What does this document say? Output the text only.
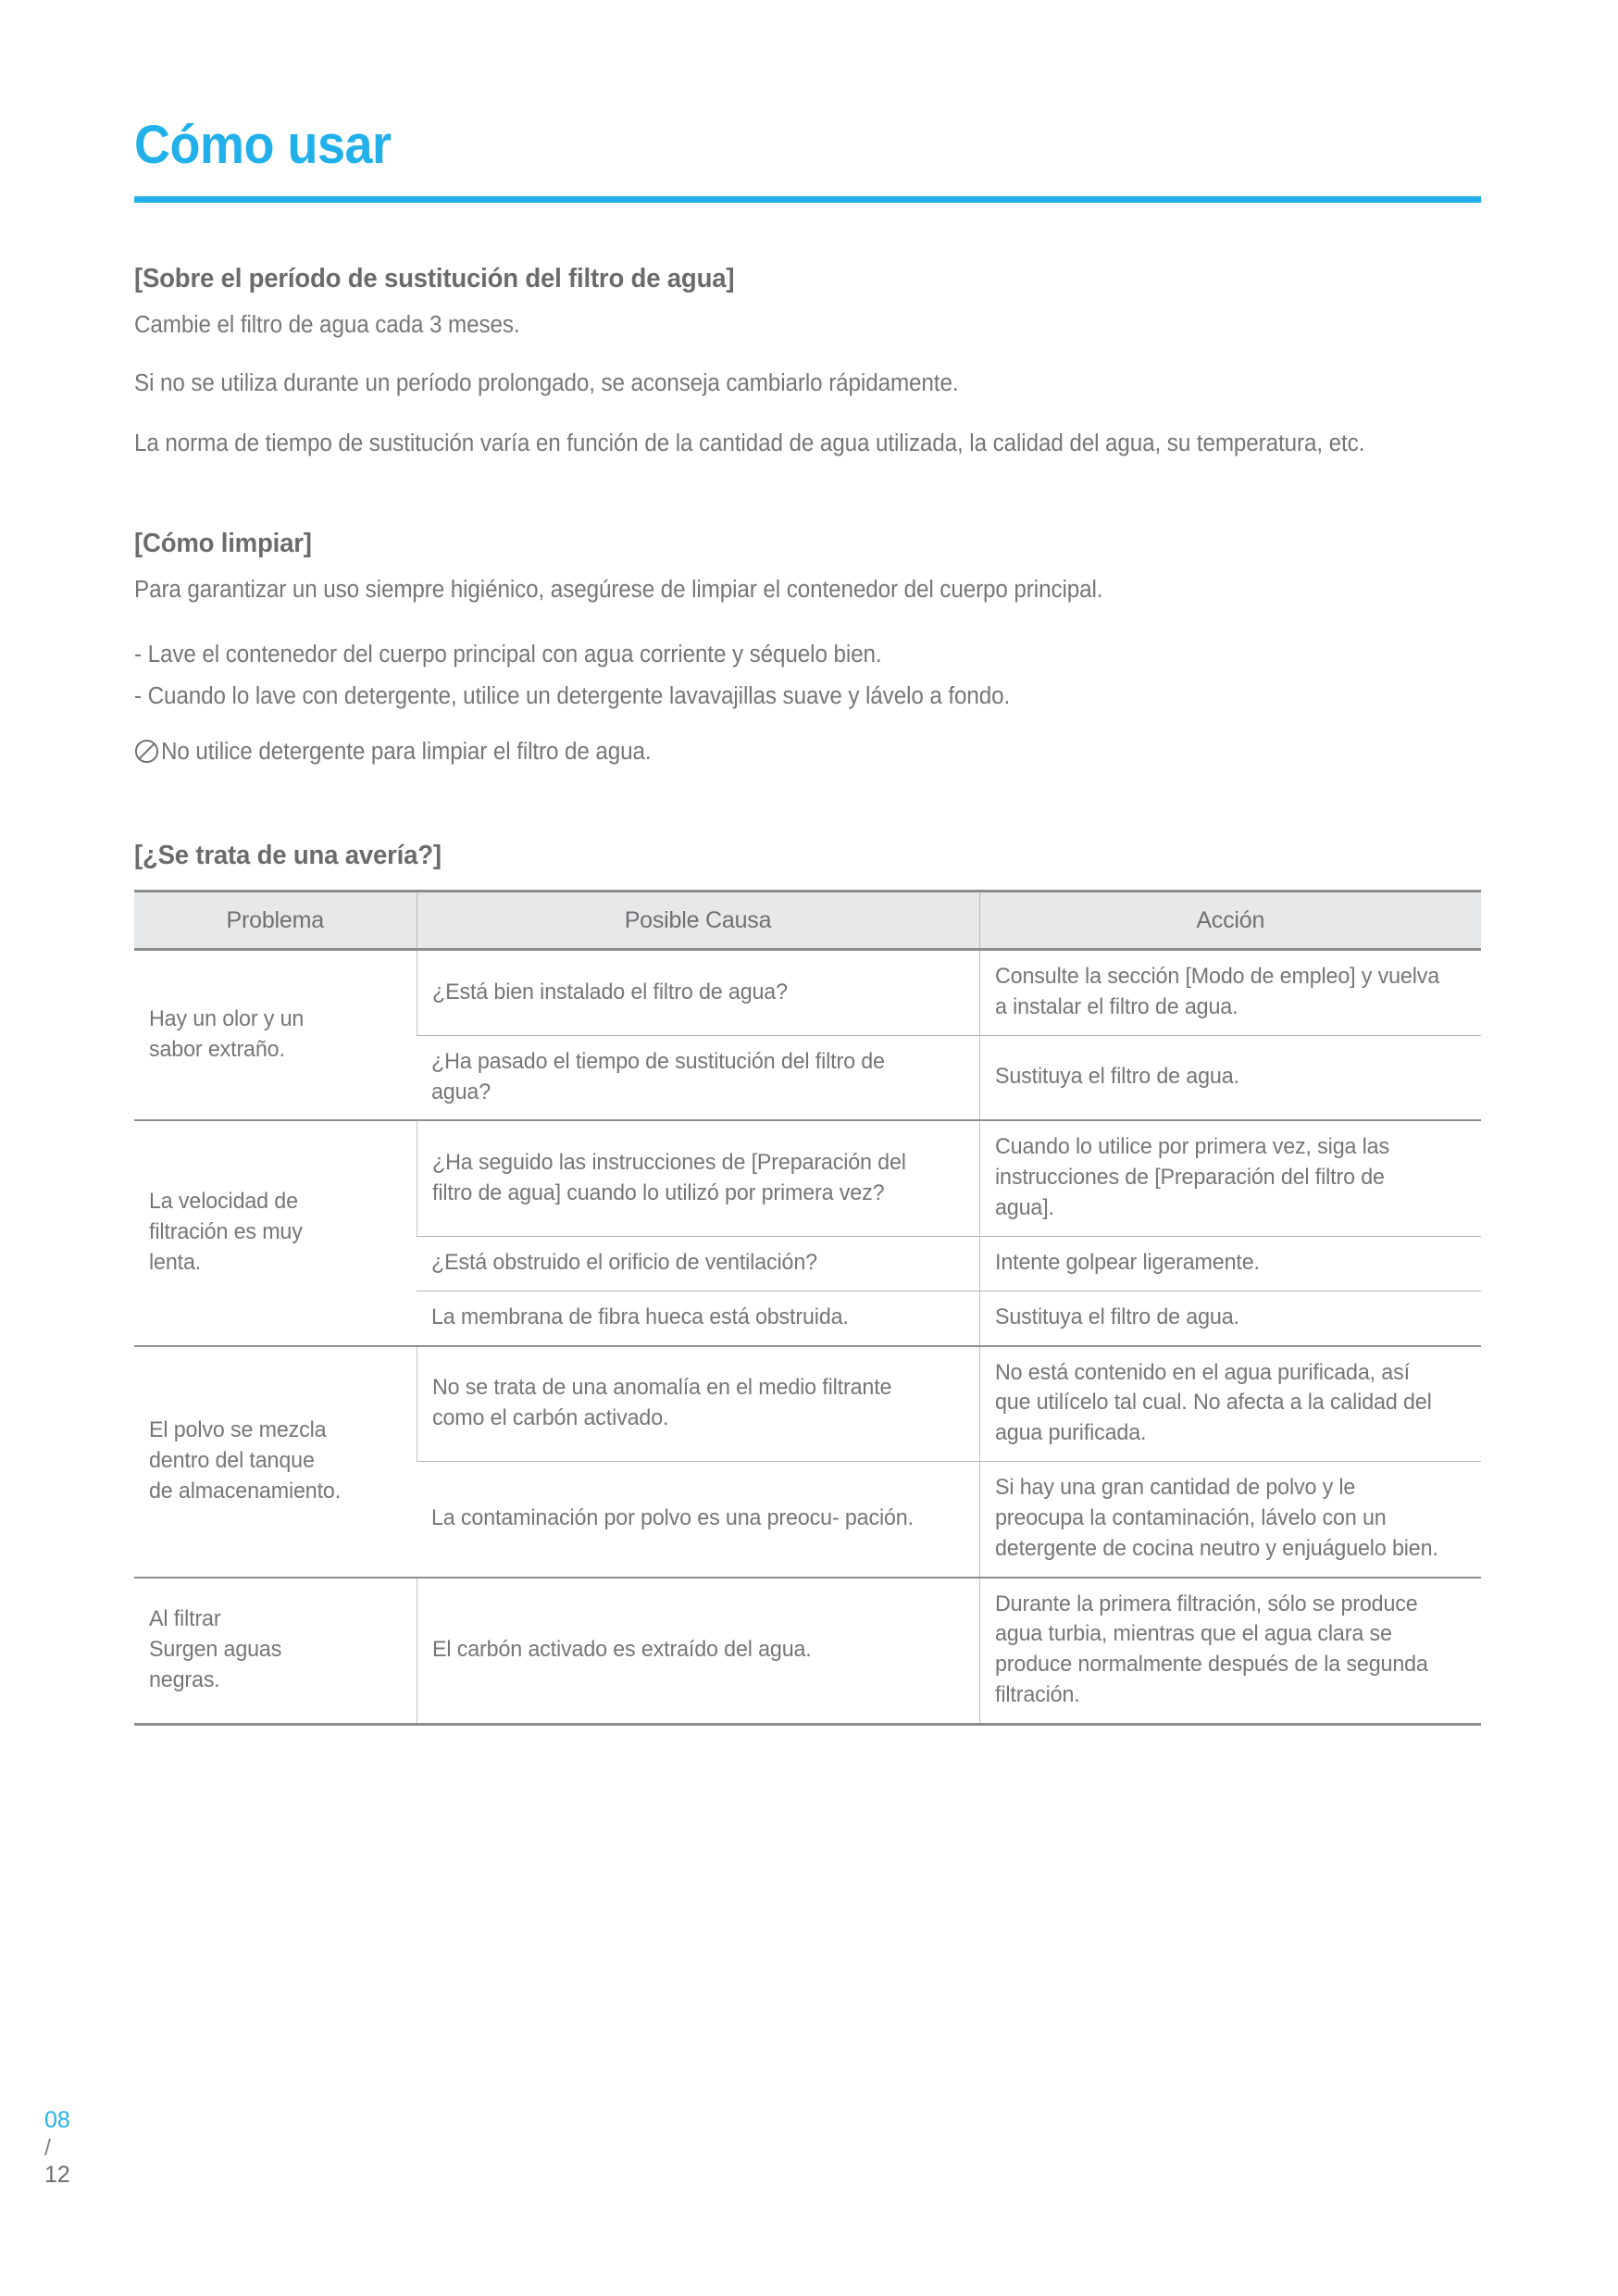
Cómo usar
[Sobre el período de sustitución del filtro de agua]
Cambie el filtro de agua cada 3 meses.
Si no se utiliza durante un período prolongado, se aconseja cambiarlo rápidamente.
La norma de tiempo de sustitución varía en función de la cantidad de agua utilizada, la calidad del agua, su temperatura, etc.
[Cómo limpiar]
Para garantizar un uso siempre higiénico, asegúrese de limpiar el contenedor del cuerpo principal.
- Lave el contenedor del cuerpo principal con agua corriente y séquelo bien.
- Cuando lo lave con detergente, utilice un detergente lavavajillas suave y lávelo a fondo.
No utilice detergente para limpiar el filtro de agua.
[¿Se trata de una avería?]
Problema	Posible Causa	Acción

Hay un olor y un
sabor extraño.	¿Está bien instalado el filtro de agua?	Consulte la sección [Modo de empleo] y vuelva a instalar el filtro de agua.

	¿Ha pasado el tiempo de sustitución del filtro de agua?	Sustituya el filtro de agua.

La velocidad de
filtración es muy
lenta.	¿Ha seguido las instrucciones de [Preparación del filtro de agua] cuando lo utilizó por primera vez?	Cuando lo utilice por primera vez, siga las instrucciones de [Preparación del filtro de agua].

	¿Está obstruido el orificio de ventilación?	Intente golpear ligeramente.

	La membrana de fibra hueca está obstruida.	Sustituya el filtro de agua.

El polvo se mezcla
dentro del tanque
de almacenamiento.	No se trata de una anomalía en el medio filtrante como el carbón activado.	No está contenido en el agua purificada, así que utilícelo tal cual. No afecta a la calidad del agua purificada.

	La contaminación por polvo es una preocu- pación.	Si hay una gran cantidad de polvo y le preocupa la contaminación, lávelo con un detergente de cocina neutro y enjuáguelo bien.

Al filtrar
Surgen aguas
negras.	El carbón activado es extraído del agua.	Durante la primera filtración, sólo se produce agua turbia, mientras que el agua clara se produce normalmente después de la segunda filtración.
08
/
12
